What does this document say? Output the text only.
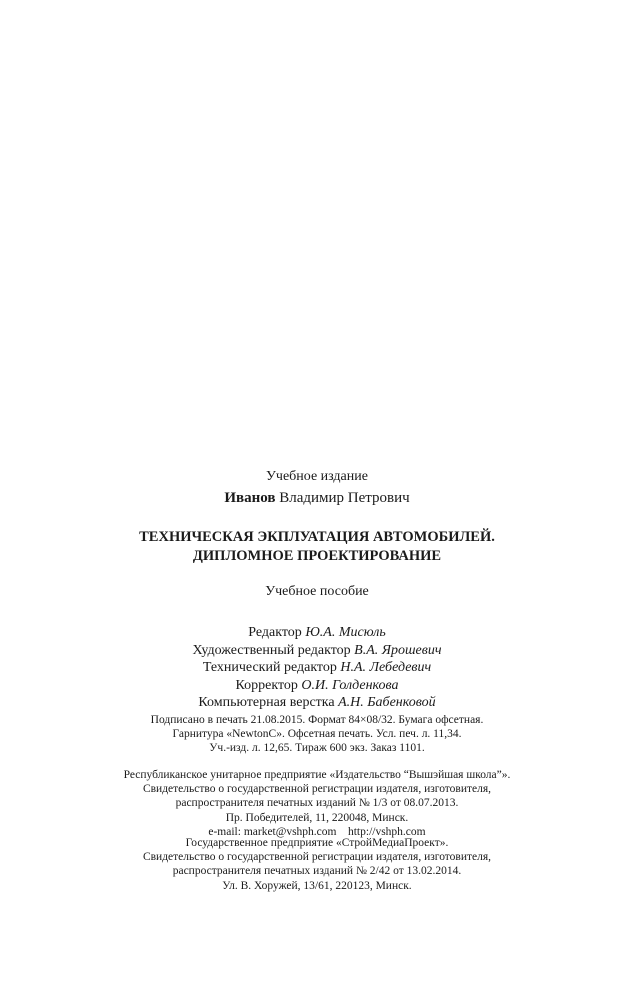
Учебное издание
Иванов Владимир Петрович
ТЕХНИЧЕСКАЯ ЭКПЛУАТАЦИЯ АВТОМОБИЛЕЙ.
ДИПЛОМНОЕ ПРОЕКТИРОВАНИЕ
Учебное пособие
Редактор Ю.А. Мисюль
Художественный редактор В.А. Ярошевич
Технический редактор Н.А. Лебедевич
Корректор О.И. Голденкова
Компьютерная верстка А.Н. Бабенковой
Подписано в печать 21.08.2015. Формат 84×08/32. Бумага офсетная.
Гарнитура «NewtonC». Офсетная печать. Усл. печ. л. 11,34.
Уч.-изд. л. 12,65. Тираж 600 экз. Заказ 1101.
Республиканское унитарное предприятие «Издательство “Вышэйшая школа”».
Свидетельство о государственной регистрации издателя, изготовителя,
распространителя печатных изданий № 1/3 от 08.07.2013.
Пр. Победителей, 11, 220048, Минск.
e-mail: market@vshph.com    http://vshph.com
Государственное предприятие «СтройМедиаПроект».
Свидетельство о государственной регистрации издателя, изготовителя,
распространителя печатных изданий № 2/42 от 13.02.2014.
Ул. В. Хоружей, 13/61, 220123, Минск.
